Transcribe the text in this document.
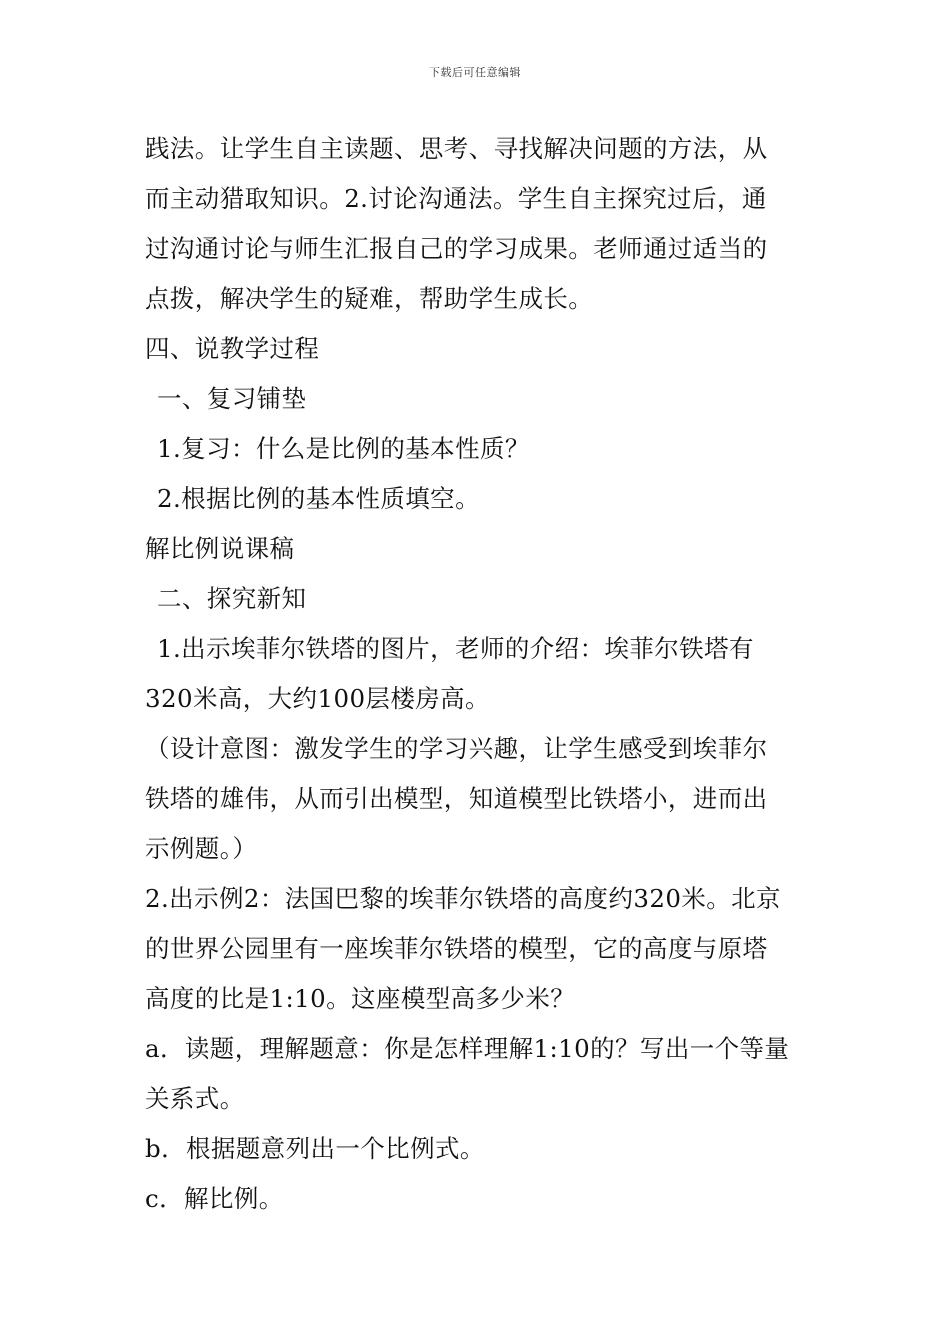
下载后可任意编辑
践法。让学生自主读题、思考、寻找解决问题的方法，从
而主动猎取知识。2.讨论沟通法。学生自主探究过后，通
过沟通讨论与师生汇报自己的学习成果。老师通过适当的
点拨，解决学生的疑难，帮助学生成长。
四、说教学过程
一、复习铺垫
1.复习：什么是比例的基本性质？
2.根据比例的基本性质填空。
解比例说课稿
二、探究新知
1.出示埃菲尔铁塔的图片，老师的介绍：埃菲尔铁塔有
320米高，大约100层楼房高。
（设计意图：激发学生的学习兴趣，让学生感受到埃菲尔
铁塔的雄伟，从而引出模型，知道模型比铁塔小，进而出
示例题。）
2.出示例2：法国巴黎的埃菲尔铁塔的高度约320米。北京
的世界公园里有一座埃菲尔铁塔的模型，它的高度与原塔
高度的比是1:10。这座模型高多少米？
a．读题，理解题意：你是怎样理解1:10的？写出一个等量
关系式。
b．根据题意列出一个比例式。
c．解比例。
